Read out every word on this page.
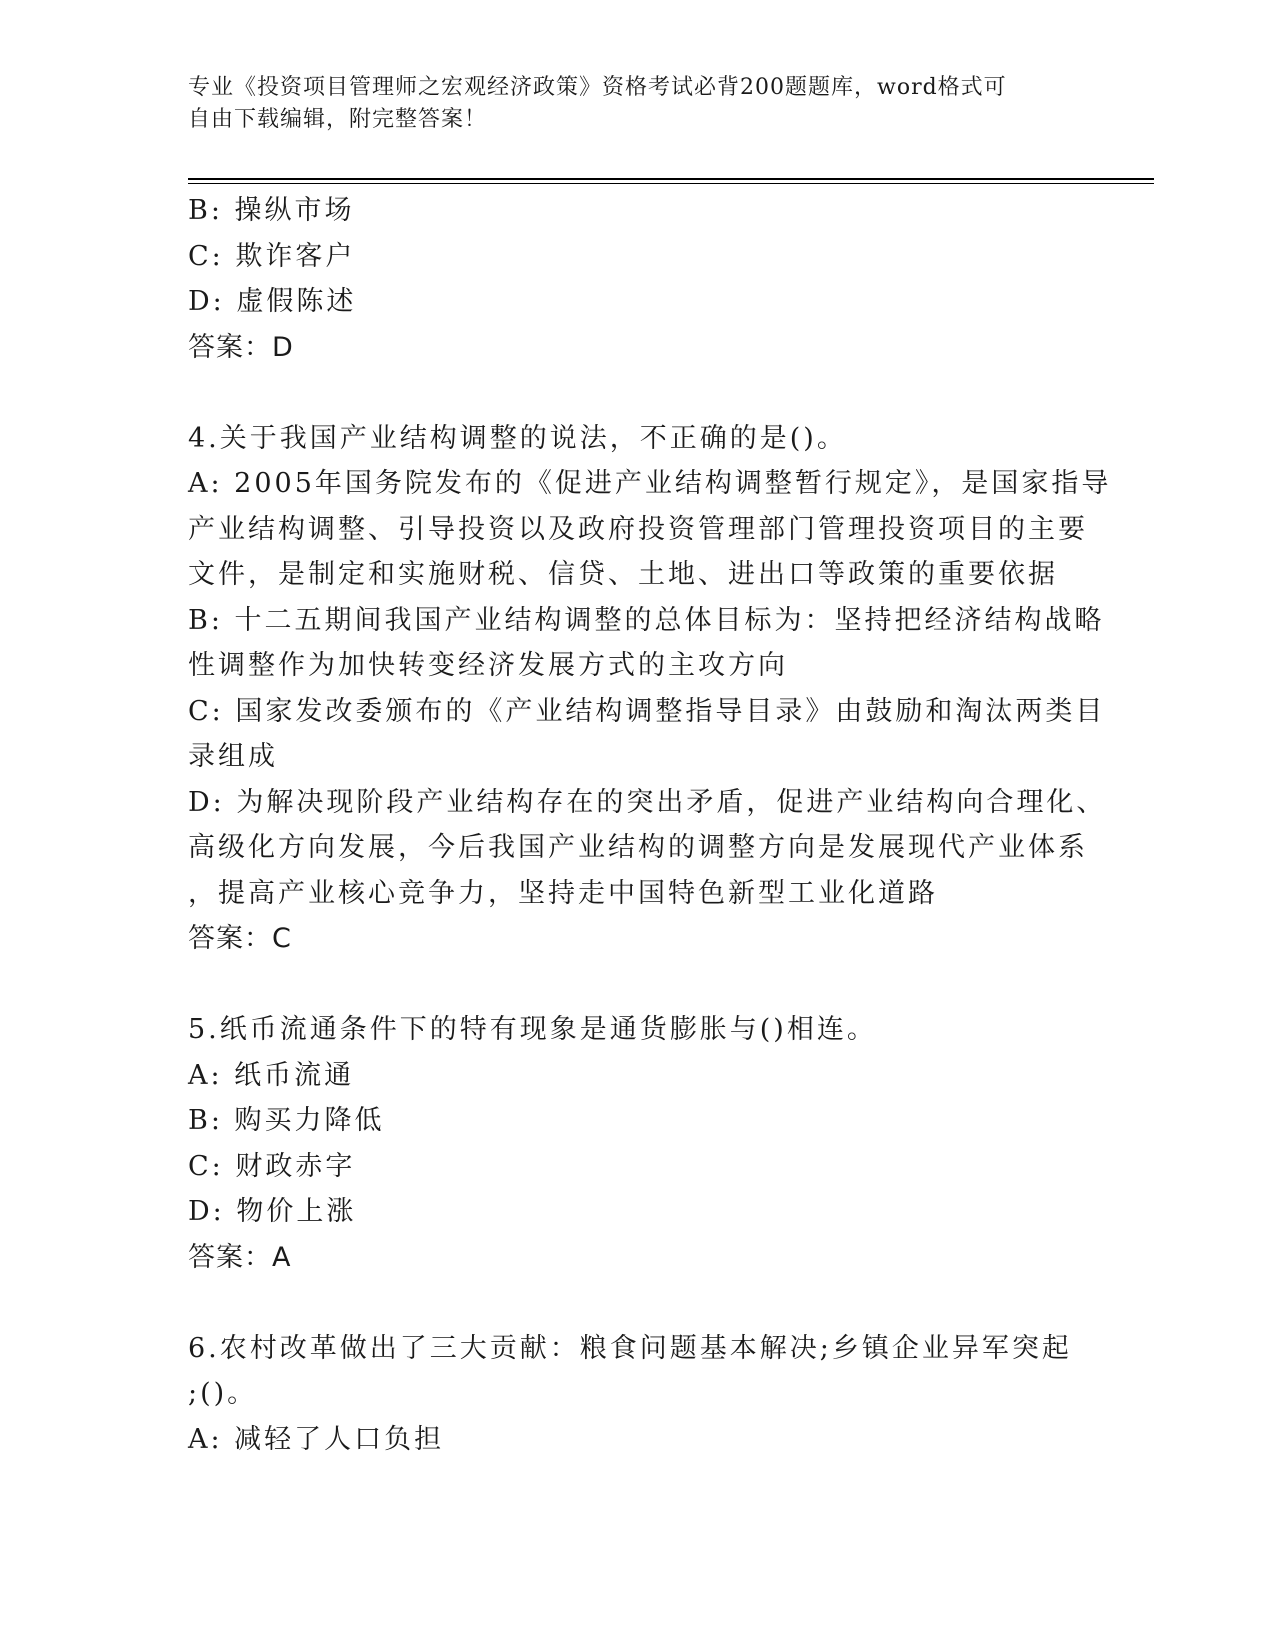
专业《投资项目管理师之宏观经济政策》资格考试必背200题题库，word格式可
自由下载编辑，附完整答案！
B: 操纵市场
C: 欺诈客户
D: 虚假陈述
答案：D
4.关于我国产业结构调整的说法，不正确的是()。
A: 2005年国务院发布的《促进产业结构调整暂行规定》，是国家指导
产业结构调整、引导投资以及政府投资管理部门管理投资项目的主要
文件，是制定和实施财税、信贷、土地、进出口等政策的重要依据
B: 十二五期间我国产业结构调整的总体目标为：坚持把经济结构战略
性调整作为加快转变经济发展方式的主攻方向
C: 国家发改委颁布的《产业结构调整指导目录》由鼓励和淘汰两类目
录组成
D: 为解决现阶段产业结构存在的突出矛盾，促进产业结构向合理化、
高级化方向发展，今后我国产业结构的调整方向是发展现代产业体系
，提高产业核心竞争力，坚持走中国特色新型工业化道路
答案：C
5.纸币流通条件下的特有现象是通货膨胀与()相连。
A: 纸币流通
B: 购买力降低
C: 财政赤字
D: 物价上涨
答案：A
6.农村改革做出了三大贡献：粮食问题基本解决;乡镇企业异军突起
;()。
A: 减轻了人口负担
